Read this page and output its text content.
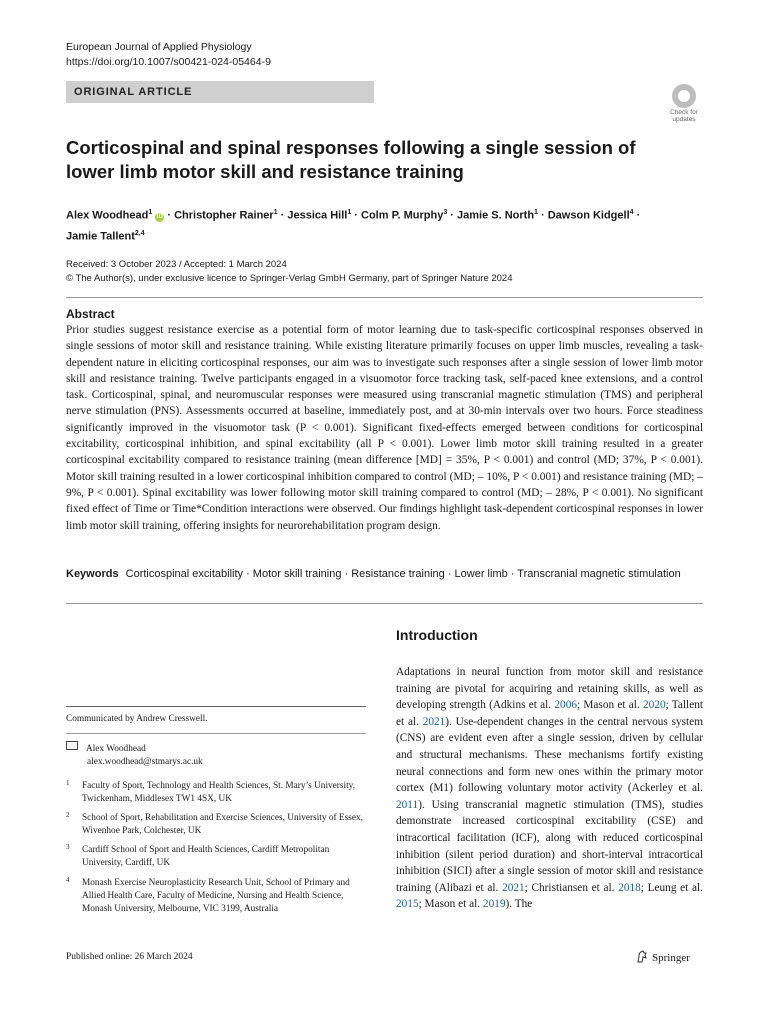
European Journal of Applied Physiology
https://doi.org/10.1007/s00421-024-05464-9
ORIGINAL ARTICLE
Check for updates
Corticospinal and spinal responses following a single session of lower limb motor skill and resistance training
Alex Woodhead$^1$ iD · Christopher Rainer$^1$ · Jessica Hill$^1$ · Colm P. Murphy$^3$ · Jamie S. North$^1$ · Dawson Kidgell$^4$ ·
Jamie Tallent$^{2,4}$
Received: 3 October 2023 / Accepted: 1 March 2024
© The Author(s), under exclusive licence to Springer-Verlag GmbH Germany, part of Springer Nature 2024
Abstract

Prior studies suggest resistance exercise as a potential form of motor learning due to task-specific corticospinal responses observed in single sessions of motor skill and resistance training. While existing literature primarily focuses on upper limb muscles, revealing a task-dependent nature in eliciting corticospinal responses, our aim was to investigate such responses after a single session of lower limb motor skill and resistance training. Twelve participants engaged in a visuomotor force tracking task, self-paced knee extensions, and a control task. Corticospinal, spinal, and neuromuscular responses were measured using transcranial magnetic stimulation (TMS) and peripheral nerve stimulation (PNS). Assessments occurred at baseline, immediately post, and at 30-min intervals over two hours. Force steadiness significantly improved in the visuomotor task (P < 0.001). Significant fixed-effects emerged between conditions for corticospinal excitability, corticospinal inhibition, and spinal excitability (all P < 0.001). Lower limb motor skill training resulted in a greater corticospinal excitability compared to resistance training (mean difference [MD] = 35%, P < 0.001) and control (MD; 37%, P < 0.001). Motor skill training resulted in a lower corticospinal inhibition compared to control (MD; – 10%, P < 0.001) and resistance training (MD; – 9%, P < 0.001). Spinal excitability was lower following motor skill training compared to control (MD; – 28%, P < 0.001). No significant fixed effect of Time or Time*Condition interactions were observed. Our findings highlight task-dependent corticospinal responses in lower limb motor skill training, offering insights for neurorehabilitation program design.

Keywords Corticospinal excitability · Motor skill training · Resistance training · Lower limb · Transcranial magnetic stimulation
Introduction

Adaptations in neural function from motor skill and resistance training are pivotal for acquiring and retaining skills, as well as developing strength (Adkins et al. 2006; Mason et al. 2020; Tallent et al. 2021). Use-dependent changes in the central nervous system (CNS) are evident even after a single session, driven by cellular and structural mechanisms. These mechanisms fortify existing neural connections and form new ones within the primary motor cortex (M1) following voluntary motor activity (Ackerley et al. 2011). Using transcranial magnetic stimulation (TMS), studies demonstrate increased corticospinal excitability (CSE) and intracortical facilitation (ICF), along with reduced corticospinal inhibition (silent period duration) and short-interval intracortical inhibition (SICI) after a single session of motor skill and resistance training (Alibazi et al. 2021; Christiansen et al. 2018; Leung et al. 2015; Mason et al. 2019). The

Communicated by Andrew Cresswell.
Alex Woodhead
alex.woodhead@stmarys.ac.uk
1 Faculty of Sport, Technology and Health Sciences, St. Mary’s University, Twickenham, Middlesex TW1 4SX, UK
2 School of Sport, Rehabilitation and Exercise Sciences, University of Essex, Wivenhoe Park, Colchester, UK
3 Cardiff School of Sport and Health Sciences, Cardiff Metropolitan University, Cardiff, UK
4 Monash Exercise Neuroplasticity Research Unit, School of Primary and Allied Health Care, Faculty of Medicine, Nursing and Health Science, Monash University, Melbourne, VIC 3199, Australia
Published online: 26 March 2024	Springer
